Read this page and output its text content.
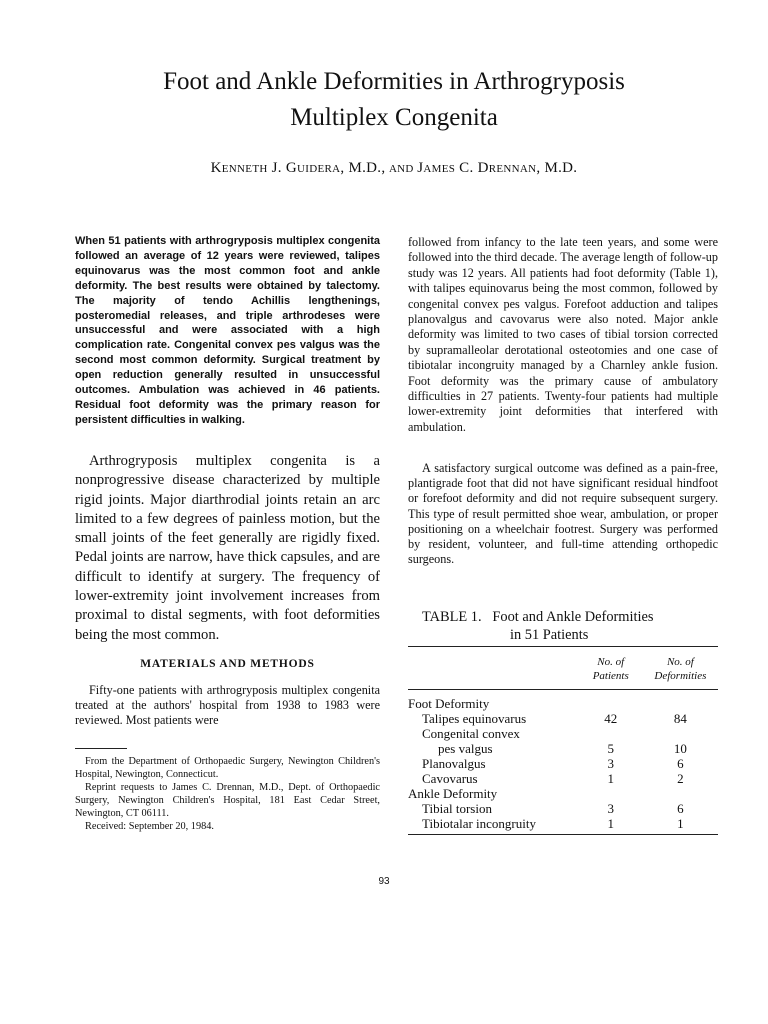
Foot and Ankle Deformities in Arthrogryposis
Multiplex Congenita
Kenneth J. Guidera, M.D., and James C. Drennan, M.D.

When 51 patients with arthrogryposis multiplex congenita followed an average of 12 years were reviewed, talipes equinovarus was the most common foot and ankle deformity. The best results were obtained by talectomy. The majority of tendo Achillis lengthenings, posteromedial releases, and triple arthrodeses were unsuccessful and were associated with a high complication rate. Congenital convex pes valgus was the second most common deformity. Surgical treatment by open reduction generally resulted in unsuccessful outcomes. Ambulation was achieved in 46 patients. Residual foot deformity was the primary reason for persistent difficulties in walking.

Arthrogryposis multiplex congenita is a nonprogressive disease characterized by multiple rigid joints. Major diarthrodial joints retain an arc limited to a few degrees of painless motion, but the small joints of the feet generally are rigidly fixed. Pedal joints are narrow, have thick capsules, and are difficult to identify at surgery. The frequency of lower-extremity joint involvement increases from proximal to distal segments, with foot deformities being the most common.

MATERIALS AND METHODS

Fifty-one patients with arthrogryposis multiplex congenita treated at the authors' hospital from 1938 to 1983 were reviewed. Most patients were

From the Department of Orthopaedic Surgery, Newington Children's Hospital, Newington, Connecticut.

Reprint requests to James C. Drennan, M.D., Dept. of Orthopaedic Surgery, Newington Children's Hospital, 181 East Cedar Street, Newington, CT 06111.

Received: September 20, 1984.

followed from infancy to the late teen years, and some were followed into the third decade. The average length of follow-up study was 12 years. All patients had foot deformity (Table 1), with talipes equinovarus being the most common, followed by congenital convex pes valgus. Forefoot adduction and talipes planovalgus and cavovarus were also noted. Major ankle deformity was limited to two cases of tibial torsion corrected by supramalleolar derotational osteotomies and one case of tibiotalar incongruity managed by a Charnley ankle fusion. Foot deformity was the primary cause of ambulatory difficulties in 27 patients. Twenty-four patients had multiple lower-extremity joint deformities that interfered with ambulation.

A satisfactory surgical outcome was defined as a pain-free, plantigrade foot that did not have significant residual hindfoot or forefoot deformity and did not require subsequent surgery. This type of result permitted shoe wear, ambulation, or proper positioning on a wheelchair footrest. Surgery was performed by resident, volunteer, and full-time attending orthopedic surgeons.

TABLE 1. Foot and Ankle Deformities
in 51 Patients
	No. of Patients	No. of Deformities
Foot Deformity		
Talipes equinovarus	42	84
Congenital convex		
pes valgus	5	10
Planovalgus	3	6
Cavovarus	1	2
Ankle Deformity		
Tibial torsion	3	6
Tibiotalar incongruity	1	1
93
